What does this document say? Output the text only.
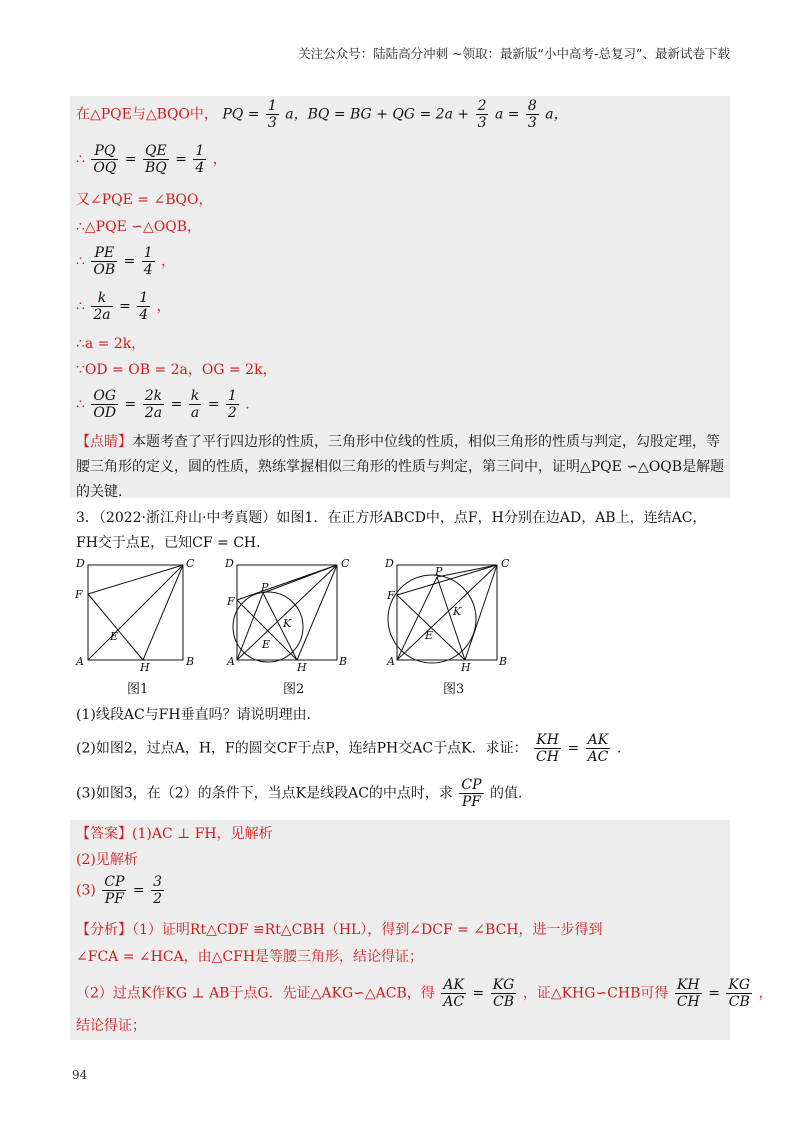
关注公众号：陆陆高分冲刺 ~领取：最新版“小中高考-总复习”、最新试卷下载
在△PQE与△BQO中， PQ = $\frac{1}{3}$ a，BQ = BG + QG = $2a + \frac{2}{3}$ $a = \frac{8}{3}$ a，
∴ $\frac{PQ}{OQ} = \frac{QE}{BQ} = \frac{1}{4}$ ，
又∠PQE = ∠BQO，
∴△PQE ∽△OQB，
∴ $\frac{PE}{OB} = \frac{1}{4}$ ，
∴ $\frac{k}{2a} = \frac{1}{4}$ ，
∴a = 2k，
∵OD = OB = 2a，OG = 2k，
∴ $\frac{OG}{OD} = \frac{2k}{2a} = \frac{k}{a} = \frac{1}{2}$ .
【点睛】本题考查了平行四边形的性质，三角形中位线的性质，相似三角形的性质与判定，勾股定理，等腰三角形的定义，圆的性质，熟练掌握相似三角形的性质与判定，第三问中，证明△PQE ∽△OQB是解题的关键.
3．（2022·浙江舟山·中考真题）如图1．在正方形ABCD中，点F，H分别在边AD，AB上，连结AC，FH交于点E，已知CF = CH．
D	C
F
E
A	H	B
D	C
P
F
K
E
A	H	B
D	C
P
F
K
E
A	H	B
图1	图2	图3
(1)线段AC与FH垂直吗？请说明理由.
(2)如图2，过点A，H，F的圆交CF于点P，连结PH交AC于点K．求证： $\frac{KH}{CH} = \frac{AK}{AC}$ .
(3)如图3，在（2）的条件下，当点K是线段AC的中点时，求 $\frac{CP}{PF}$ 的值.
【答案】(1)AC ⊥ FH，见解析
(2)见解析
$(3) \frac{CP}{PF} = \frac{3}{2}$
【分析】（1）证明Rt△CDF ≌Rt△CBH（HL），得到∠DCF = ∠BCH，进一步得到
∠FCA = ∠HCA，由△CFH是等腰三角形，结论得证；
（2）过点K作KG ⊥ AB于点G．先证△AKG∽△ACB，得 $\frac{AK}{AC} = \frac{KG}{CB}$ ，证△KHG∽CHB可得 $\frac{KH}{CH} = \frac{KG}{CB}$ ，
结论得证；
94
